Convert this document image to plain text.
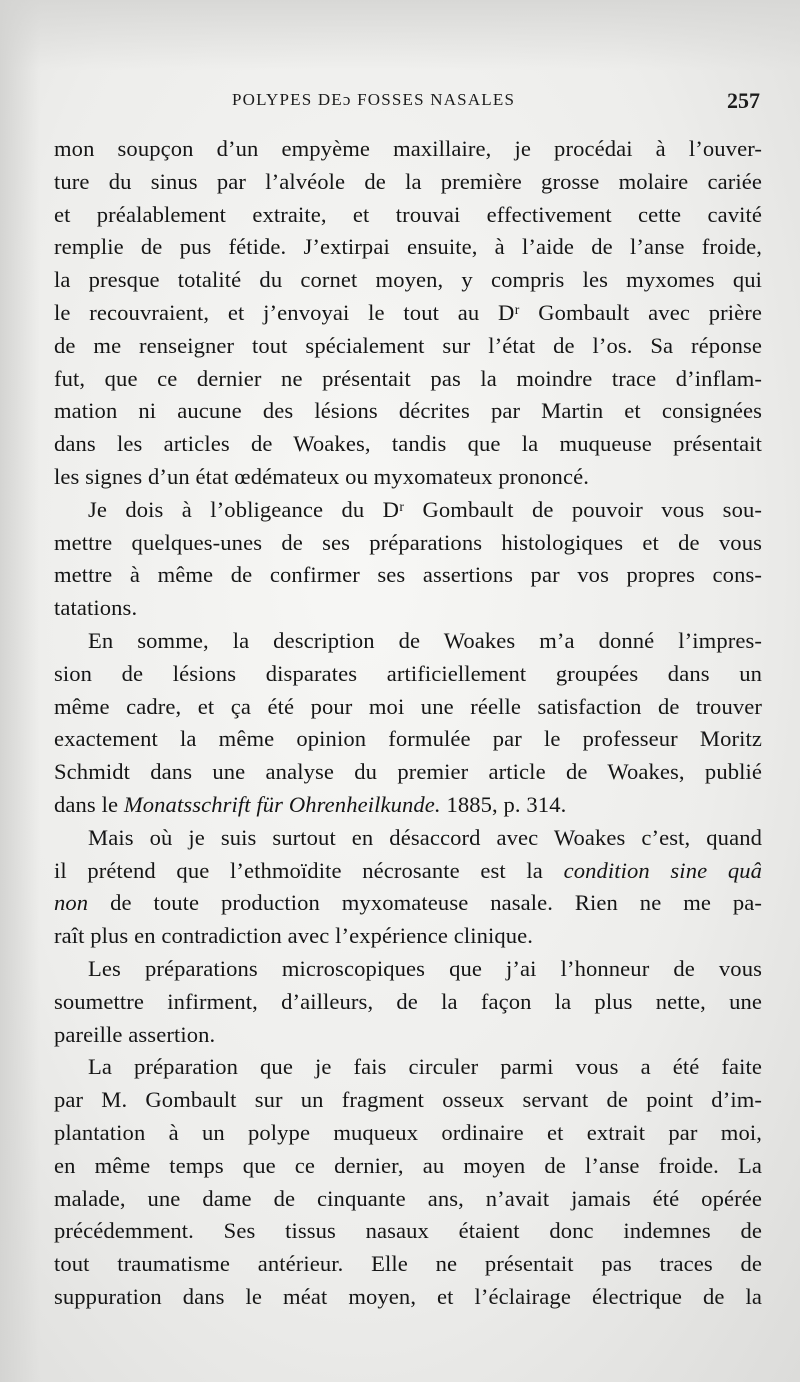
POLYPES DEɔ FOSSES NASALES	257
mon soupçon d’un empyème maxillaire, je procédai à l’ouver-
ture du sinus par l’alvéole de la première grosse molaire cariée
et préalablement extraite, et trouvai effectivement cette cavité
remplie de pus fétide. J’extirpai ensuite, à l’aide de l’anse froide,
la presque totalité du cornet moyen, y compris les myxomes qui
le recouvraient, et j’envoyai le tout au Dʳ Gombault avec prière
de me renseigner tout spécialement sur l’état de l’os. Sa réponse
fut, que ce dernier ne présentait pas la moindre trace d’inflam-
mation ni aucune des lésions décrites par Martin et consignées
dans les articles de Woakes, tandis que la muqueuse présentait
les signes d’un état œdémateux ou myxomateux prononcé.
Je dois à l’obligeance du Dʳ Gombault de pouvoir vous sou-
mettre quelques-unes de ses préparations histologiques et de vous
mettre à même de confirmer ses assertions par vos propres cons-
tatations.
En somme, la description de Woakes m’a donné l’impres-
sion de lésions disparates artificiellement groupées dans un
même cadre, et ça été pour moi une réelle satisfaction de trouver
exactement la même opinion formulée par le professeur Moritz
Schmidt dans une analyse du premier article de Woakes, publié
dans le Monatsschrift für Ohrenheilkunde. 1885, p. 314.
Mais où je suis surtout en désaccord avec Woakes c’est, quand
il prétend que l’ethmoïdite nécrosante est la condition sine quâ
non de toute production myxomateuse nasale. Rien ne me pa-
raît plus en contradiction avec l’expérience clinique.
Les préparations microscopiques que j’ai l’honneur de vous
soumettre infirment, d’ailleurs, de la façon la plus nette, une
pareille assertion.
La préparation que je fais circuler parmi vous a été faite
par M. Gombault sur un fragment osseux servant de point d’im-
plantation à un polype muqueux ordinaire et extrait par moi,
en même temps que ce dernier, au moyen de l’anse froide. La
malade, une dame de cinquante ans, n’avait jamais été opérée
précédemment. Ses tissus nasaux étaient donc indemnes de
tout traumatisme antérieur. Elle ne présentait pas traces de
suppuration dans le méat moyen, et l’éclairage électrique de la
